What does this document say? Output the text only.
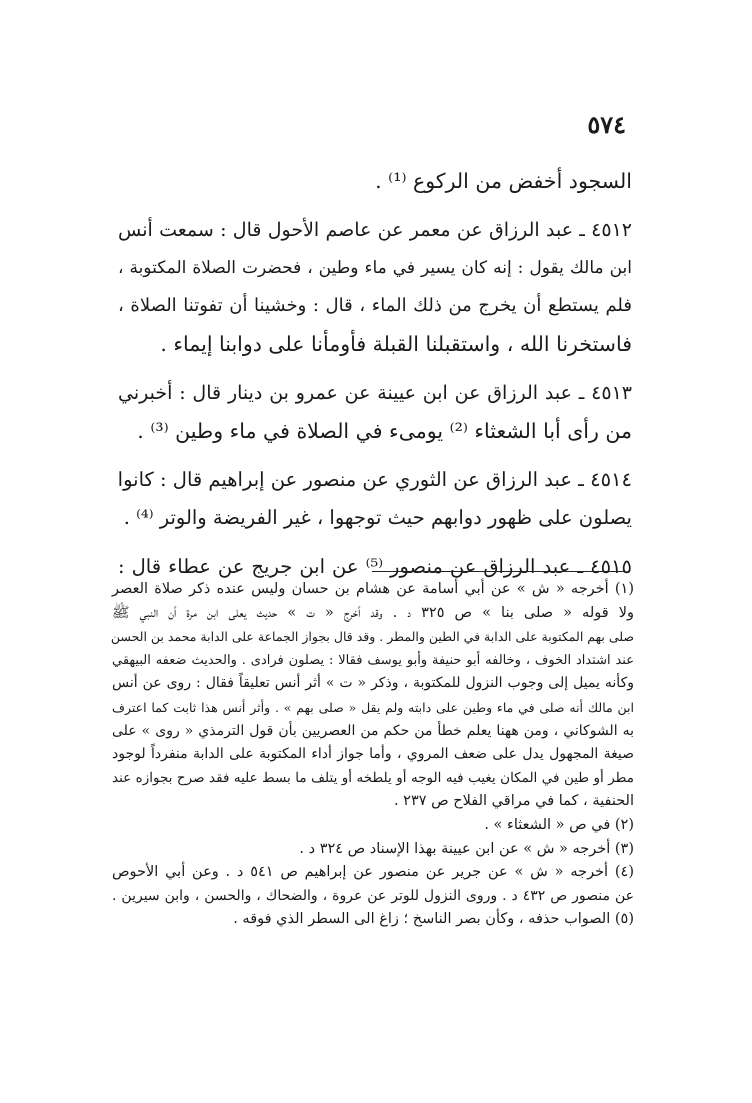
٥٧٤
السجود أخفض من الركوع ⁽¹⁾ .
٤٥١٢ ـ عبد الرزاق عن معمر عن عاصم الأحول قال : سمعت أنس
ابن مالك يقول : إنه كان يسير في ماء وطين ، فحضرت الصلاة المكتوبة ،
فلم يستطع أن يخرج من ذلك الماء ، قال : وخشينا أن تفوتنا الصلاة ،
فاستخرنا الله ، واستقبلنا القبلة فأومأنا على دوابنا إيماء .
٤٥١٣ ـ عبد الرزاق عن ابن عيينة عن عمرو بن دينار قال : أخبرني
من رأى أبا الشعثاء ⁽²⁾ يومىء في الصلاة في ماء وطين ⁽³⁾ .
٤٥١٤ ـ عبد الرزاق عن الثوري عن منصور عن إبراهيم قال : كانوا
يصلون على ظهور دوابهم حيث توجهوا ، غير الفريضة والوتر ⁽⁴⁾ .
٤٥١٥ ـ عبد الرزاق عن منصور ⁽⁵⁾ عن ابن جريج عن عطاء قال :
(١) أخرجه « ش » عن أبي أسامة عن هشام بن حسان وليس عنده ذكر صلاة العصر
ولا قوله « صلى بنا » ص ٣٢٥ د . وقد أخرج « ت » حديث يعلى ابن مرة أن النبي ﷺ
صلى بهم المكتوبة على الدابة في الطين والمطر . وقد قال بجواز الجماعة على الدابة محمد بن الحسن
عند اشتداد الخوف ، وخالفه أبو حنيفة وأبو يوسف فقالا : يصلون فرادى . والحديث ضعفه البيهقي
وكأنه يميل إلى وجوب النزول للمكتوبة ، وذكر « ت » أثر أنس تعليقاً فقال : روى عن أنس
ابن مالك أنه صلى في ماء وطين على دابته ولم يقل « صلى بهم » . وأثر أنس هذا ثابت كما اعترف
به الشوكاني ، ومن ههنا يعلم خطأ من حكم من العصريين بأن قول الترمذي « روى » على
صيغة المجهول يدل على ضعف المروي ، وأما جواز أداء المكتوبة على الدابة منفرداً لوجود
مطر أو طين في المكان يغيب فيه الوجه أو يلطخه أو يتلف ما بسط عليه فقد صرح بجوازه عند
الحنفية ، كما في مراقي الفلاح ص ٢٣٧ .
(٢) في ص « الشعثاء » .
(٣) أخرجه « ش » عن ابن عيينة بهذا الإسناد ص ٣٢٤ د .
(٤) أخرجه « ش » عن جرير عن منصور عن إبراهيم ص ٥٤١ د . وعن أبي الأحوص
عن منصور ص ٤٣٢ د . وروى النزول للوتر عن عروة ، والضحاك ، والحسن ، وابن سيرين .
(٥) الصواب حذفه ، وكأن بصر الناسخ ؛ زاغ الى السطر الذي فوقه .
